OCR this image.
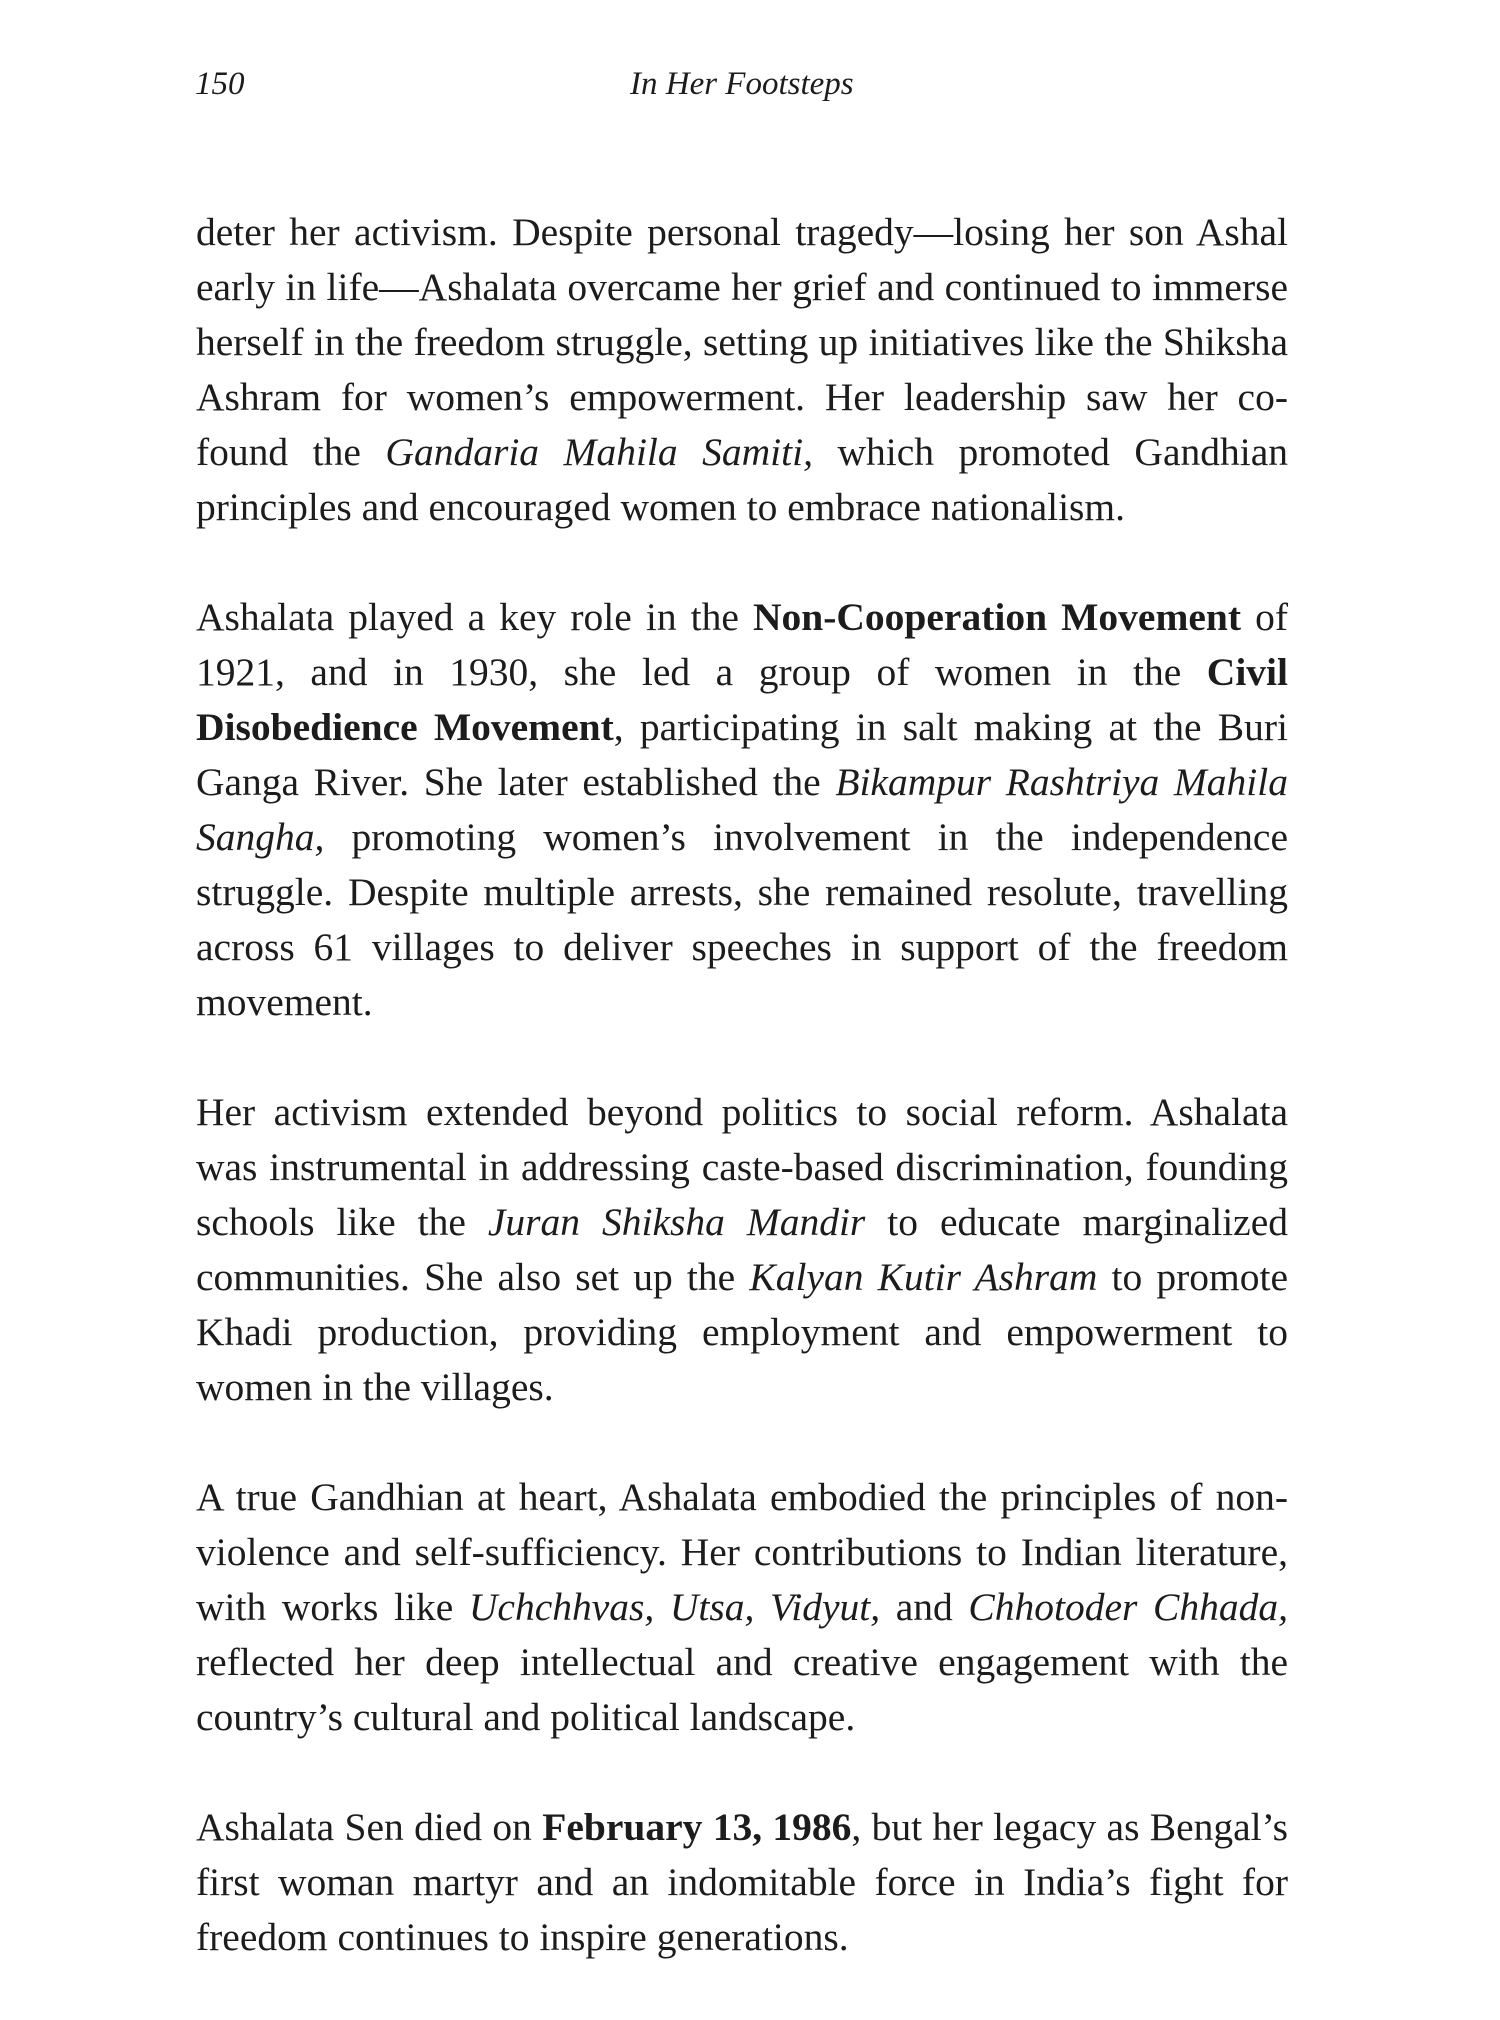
150	In Her Footsteps

deter her activism. Despite personal tragedy—losing her son Ashal early in life—Ashalata overcame her grief and continued to immerse herself in the freedom struggle, setting up initiatives like the Shiksha Ashram for women’s empowerment. Her leadership saw her co-found the Gandaria Mahila Samiti, which promoted Gandhian principles and encouraged women to embrace nationalism.

Ashalata played a key role in the Non-Cooperation Movement of 1921, and in 1930, she led a group of women in the Civil Disobedience Movement, participating in salt making at the Buri Ganga River. She later established the Bikampur Rashtriya Mahila Sangha, promoting women’s involvement in the independence struggle. Despite multiple arrests, she remained resolute, travelling across 61 villages to deliver speeches in support of the freedom movement.

Her activism extended beyond politics to social reform. Ashalata was instrumental in addressing caste-based discrimination, founding schools like the Juran Shiksha Mandir to educate marginalized communities. She also set up the Kalyan Kutir Ashram to promote Khadi production, providing employment and empowerment to women in the villages.

A true Gandhian at heart, Ashalata embodied the principles of non-violence and self-sufficiency. Her contributions to Indian literature, with works like Uchchhvas, Utsa, Vidyut, and Chhotoder Chhada, reflected her deep intellectual and creative engagement with the country’s cultural and political landscape.

Ashalata Sen died on February 13, 1986, but her legacy as Bengal’s first woman martyr and an indomitable force in India’s fight for freedom continues to inspire generations.
